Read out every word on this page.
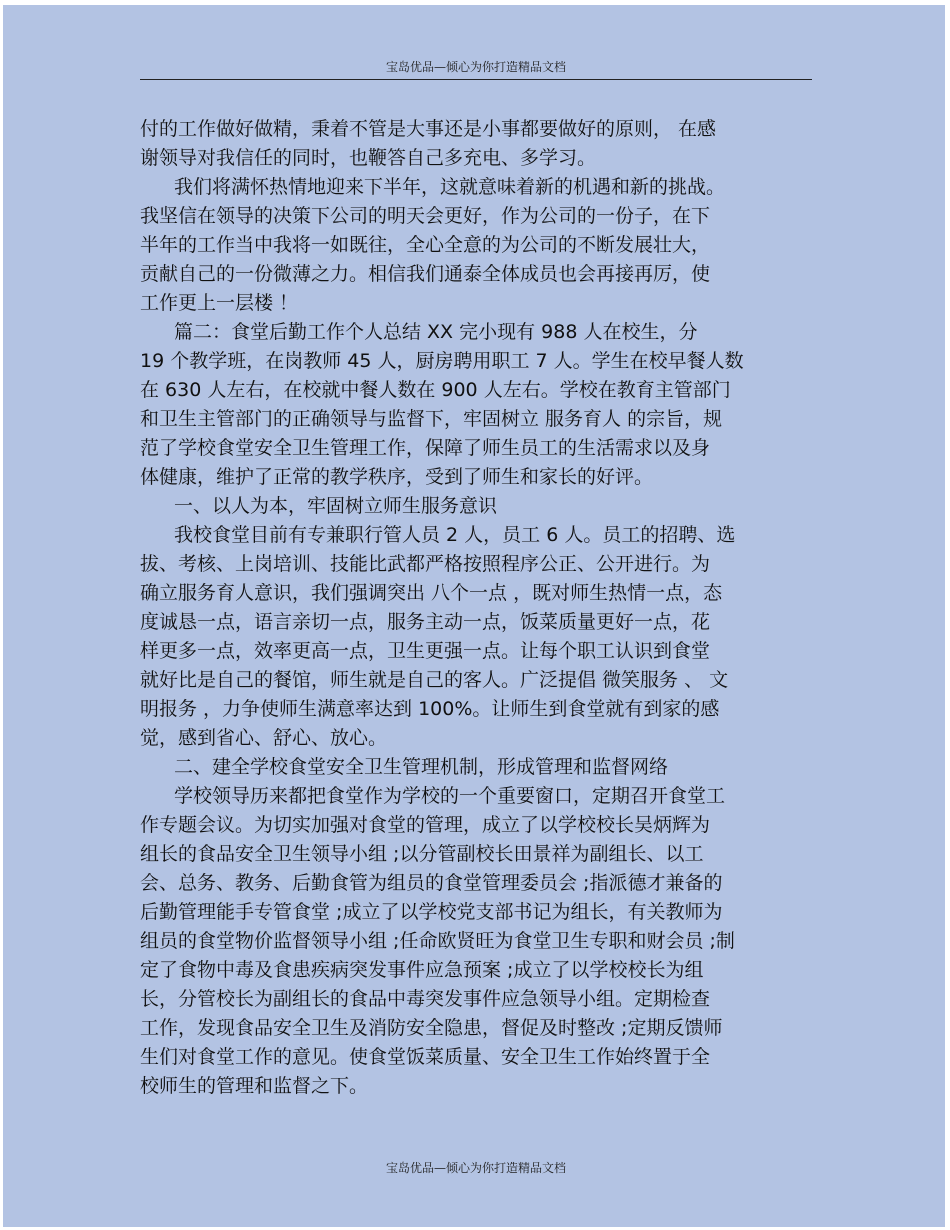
宝岛优品—倾心为你打造精品文档
付的工作做好做精，秉着不管是大事还是小事都要做好的原则， 在感
谢领导对我信任的同时，也鞭答自己多充电、多学习。
我们将满怀热情地迎来下半年，这就意味着新的机遇和新的挑战。
我坚信在领导的决策下公司的明天会更好，作为公司的一份子，在下
半年的工作当中我将一如既往，全心全意的为公司的不断发展壮大，
贡献自己的一份微薄之力。相信我们通泰全体成员也会再接再厉，使
工作更上一层楼 ！
篇二：食堂后勤工作个人总结 XX 完小现有 988 人在校生，分
19 个教学班，在岗教师 45 人，厨房聘用职工 7 人。学生在校早餐人数
在 630 人左右，在校就中餐人数在 900 人左右。学校在教育主管部门
和卫生主管部门的正确领导与监督下，牢固树立 服务育人 的宗旨，规
范了学校食堂安全卫生管理工作，保障了师生员工的生活需求以及身
体健康，维护了正常的教学秩序，受到了师生和家长的好评。
一、以人为本，牢固树立师生服务意识
我校食堂目前有专兼职行管人员 2 人，员工 6 人。员工的招聘、选
拔、考核、上岗培训、技能比武都严格按照程序公正、公开进行。为
确立服务育人意识，我们强调突出 八个一点 ，既对师生热情一点，态
度诚恳一点，语言亲切一点，服务主动一点，饭菜质量更好一点，花
样更多一点，效率更高一点，卫生更强一点。让每个职工认识到食堂
就好比是自己的餐馆，师生就是自己的客人。广泛提倡 微笑服务 、 文
明报务 ，力争使师生满意率达到 100%。让师生到食堂就有到家的感
觉，感到省心、舒心、放心。
二、建全学校食堂安全卫生管理机制，形成管理和监督网络
学校领导历来都把食堂作为学校的一个重要窗口，定期召开食堂工
作专题会议。为切实加强对食堂的管理，成立了以学校校长吴炳辉为
组长的食品安全卫生领导小组 ;以分管副校长田景祥为副组长、以工
会、总务、教务、后勤食管为组员的食堂管理委员会 ;指派德才兼备的
后勤管理能手专管食堂 ;成立了以学校党支部书记为组长，有关教师为
组员的食堂物价监督领导小组 ;任命欧贤旺为食堂卫生专职和财会员 ;制
定了食物中毒及食患疾病突发事件应急预案 ;成立了以学校校长为组
长，分管校长为副组长的食品中毒突发事件应急领导小组。定期检查
工作，发现食品安全卫生及消防安全隐患，督促及时整改 ;定期反馈师
生们对食堂工作的意见。使食堂饭菜质量、安全卫生工作始终置于全
校师生的管理和监督之下。
宝岛优品—倾心为你打造精品文档
